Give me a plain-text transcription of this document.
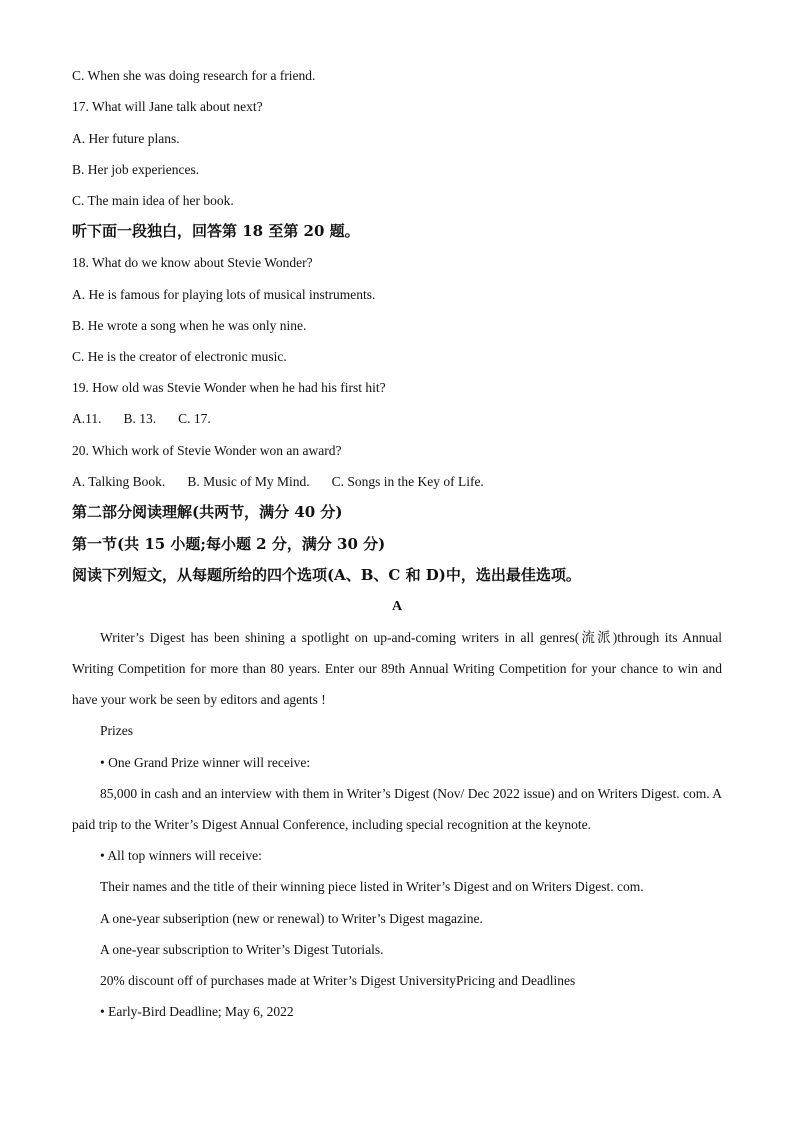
C. When she was doing research for a friend.
17. What will Jane talk about next?
A. Her future plans.
B. Her job experiences.
C. The main idea of her book.
听下面一段独白，回答第 18 至第 20 题。
18. What do we know about Stevie Wonder?
A. He is famous for playing lots of musical instruments.
B. He wrote a song when he was only nine.
C. He is the creator of electronic music.
19. How old was Stevie Wonder when he had his first hit?
A.11. B. 13. C. 17.
20. Which work of Stevie Wonder won an award?
A. Talking Book. B. Music of My Mind. C. Songs in the Key of Life.
第二部分阅读理解(共两节，满分 40 分)
第一节(共 15 小题;每小题 2 分，满分 30 分)
阅读下列短文，从每题所给的四个选项(A、B、C 和 D)中，选出最佳选项。
A
Writer’s Digest has been shining a spotlight on up-and-coming writers in all genres(流派)through its Annual Writing Competition for more than 80 years. Enter our 89th Annual Writing Competition for your chance to win and have your work be seen by editors and agents !
Prizes
• One Grand Prize winner will receive:
85,000 in cash and an interview with them in Writer’s Digest (Nov/ Dec 2022 issue) and on Writers Digest. com. A paid trip to the Writer’s Digest Annual Conference, including special recognition at the keynote.
• All top winners will receive:
Their names and the title of their winning piece listed in Writer’s Digest and on Writers Digest. com.
A one-year subseription (new or renewal) to Writer’s Digest magazine.
A one-year subscription to Writer’s Digest Tutorials.
20% discount off of purchases made at Writer’s Digest UniversityPricing and Deadlines
• Early-Bird Deadline; May 6, 2022
